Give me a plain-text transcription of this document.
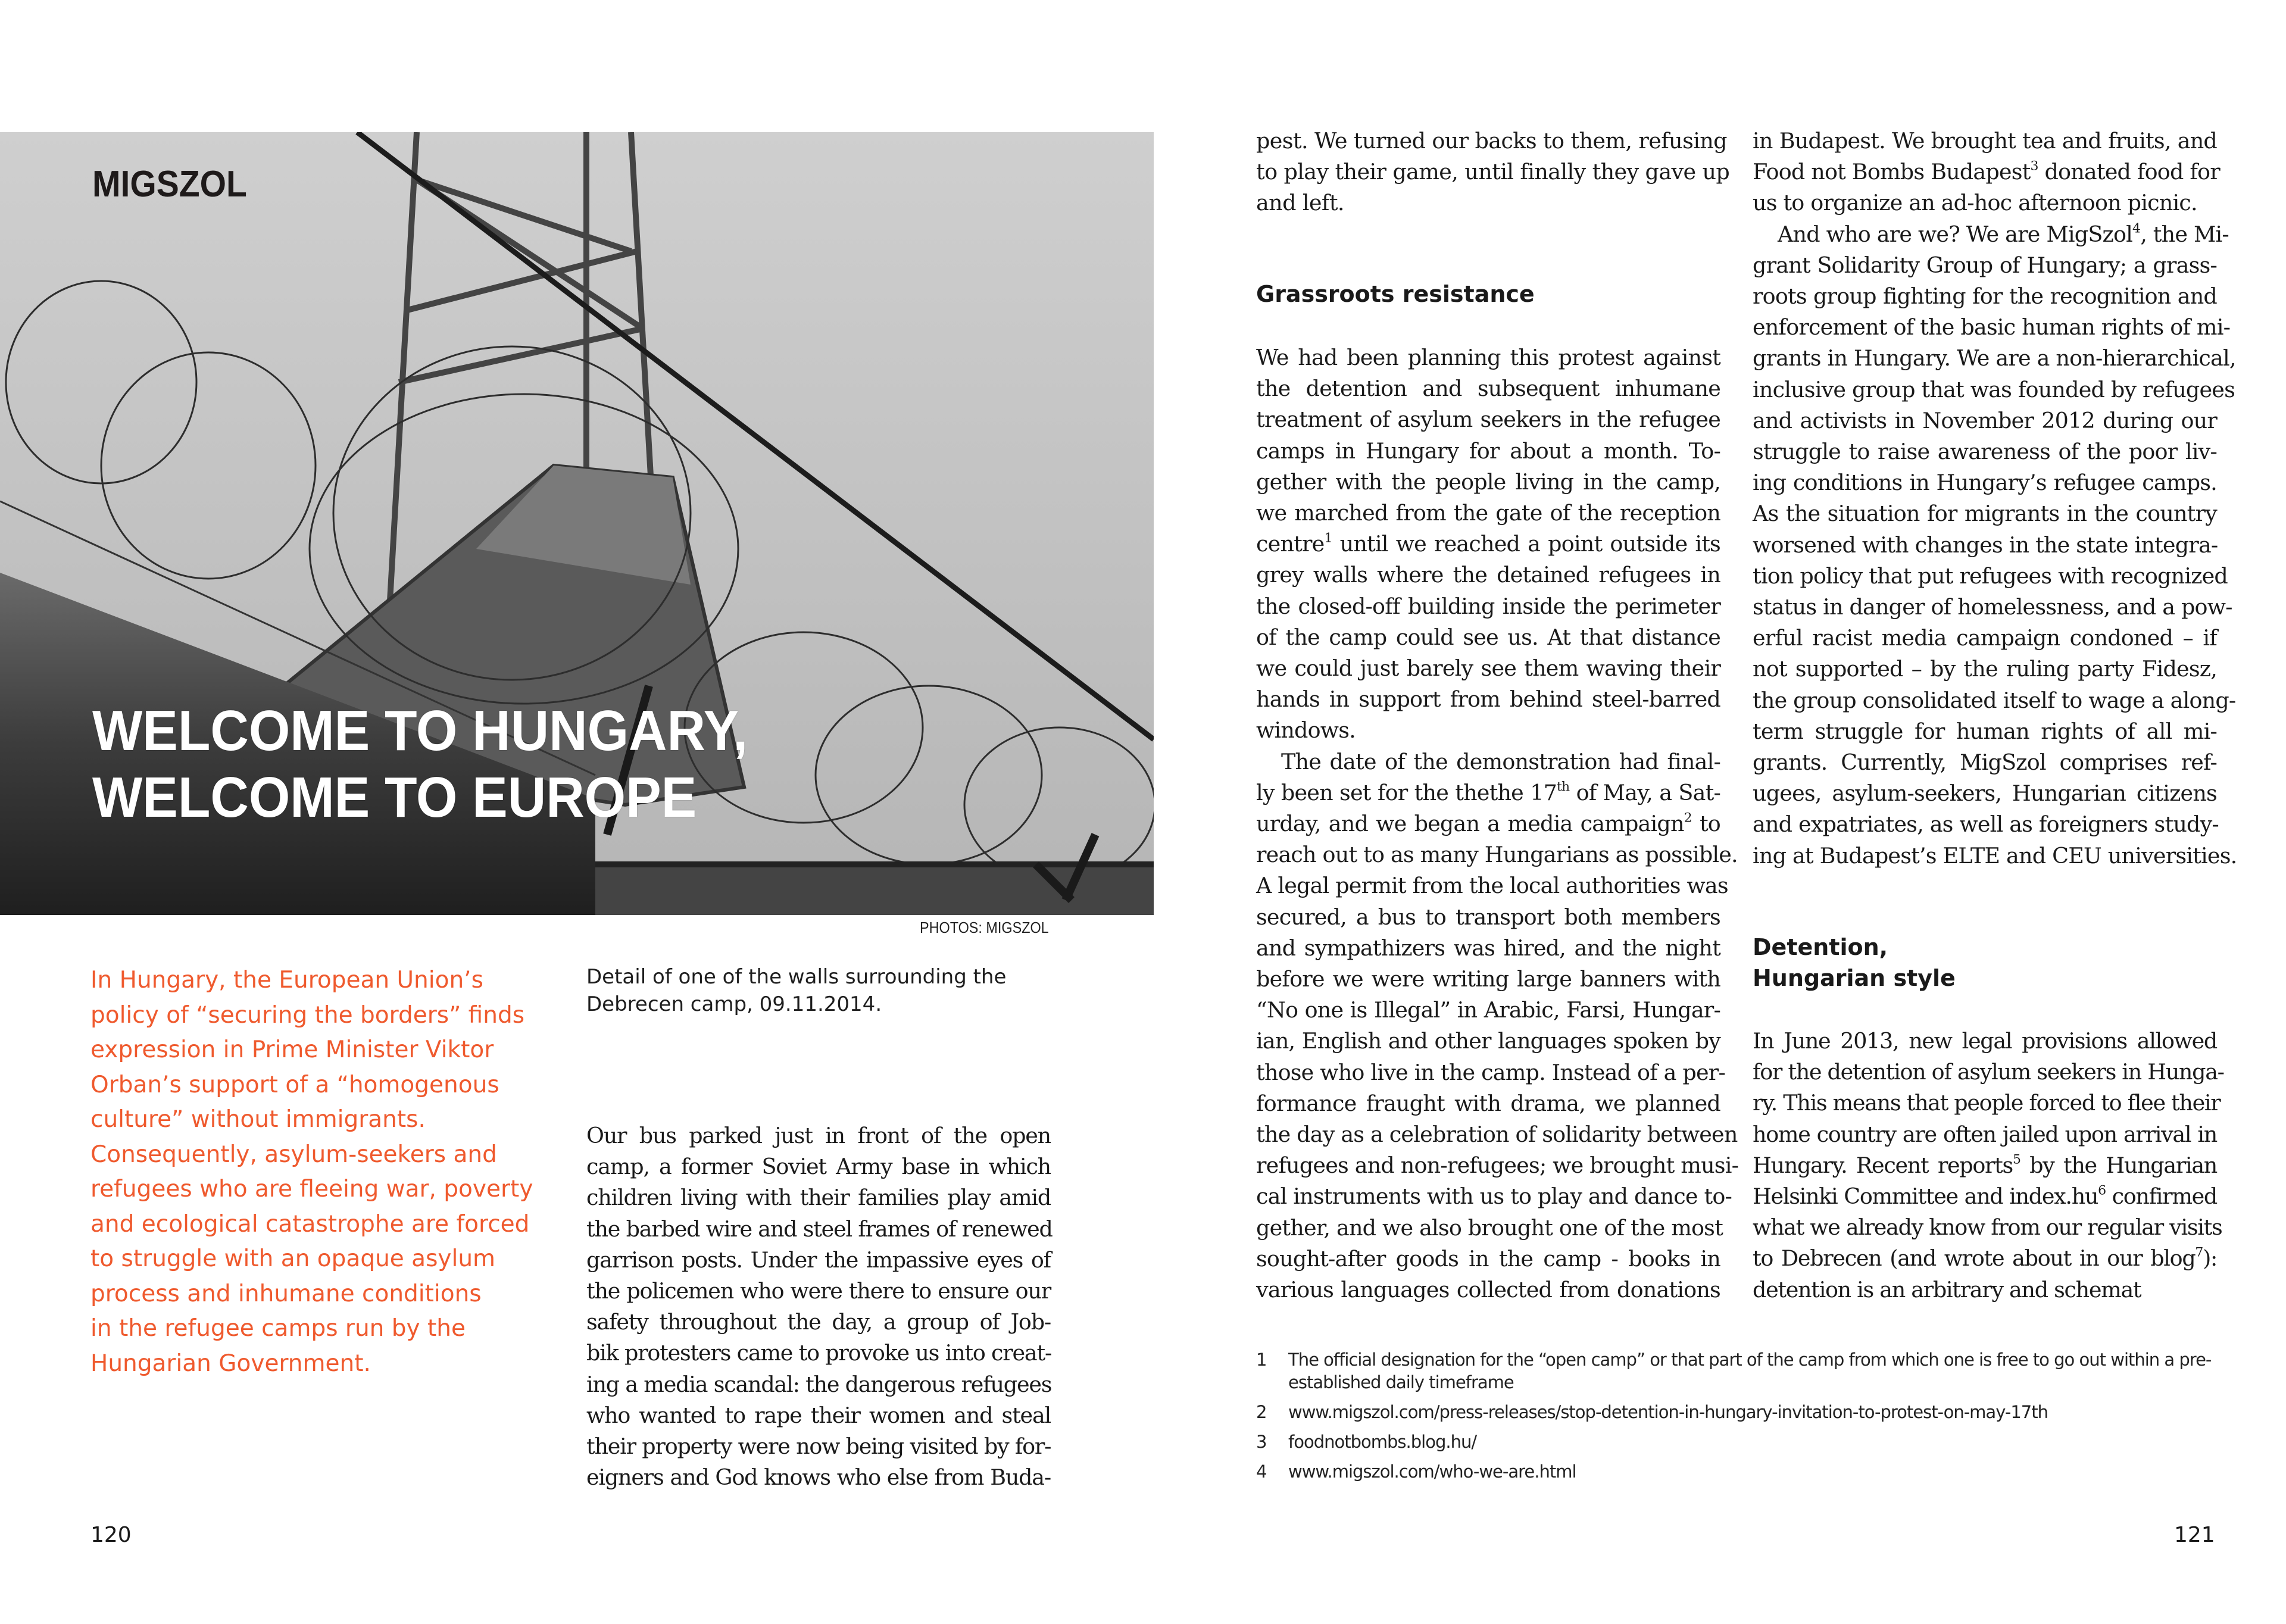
MIGSZOL
WELCOME TO HUNGARY,
WELCOME TO EUROPE
PHOTOS: MIGSZOL
In Hungary, the European Union’s
policy of “securing the borders” finds
expression in Prime Minister Viktor
Orban’s support of a “homogenous
culture” without immigrants.
Consequently, asylum-seekers and
refugees who are fleeing war, poverty
and ecological catastrophe are forced
to struggle with an opaque asylum
process and inhumane conditions
in the refugee camps run by the
Hungarian Government.
Detail of one of the walls surrounding the
Debrecen camp, 09.11.2014.
Our bus parked just in front of the open
camp, a former Soviet Army base in which
children living with their families play amid
the barbed wire and steel frames of renewed
garrison posts. Under the impassive eyes of
the policemen who were there to ensure our
safety throughout the day, a group of Job-
bik protesters came to provoke us into creat-
ing a media scandal: the dangerous refugees
who wanted to rape their women and steal
their property were now being visited by for-
eigners and God knows who else from Buda-
120
pest. We turned our backs to them, refusing
to play their game, until finally they gave up
and left.
Grassroots resistance
We had been planning this protest against
the detention and subsequent inhumane
treatment of asylum seekers in the refugee
camps in Hungary for about a month. To-
gether with the people living in the camp,
we marched from the gate of the reception
centre$^1$ until we reached a point outside its
grey walls where the detained refugees in
the closed-off building inside the perimeter
of the camp could see us. At that distance
we could just barely see them waving their
hands in support from behind steel-barred
windows.
The date of the demonstration had final-
ly been set for the thethe 17th of May, a Sat-
urday, and we began a media campaign$^2$ to
reach out to as many Hungarians as possible.
A legal permit from the local authorities was
secured, a bus to transport both members
and sympathizers was hired, and the night
before we were writing large banners with
“No one is Illegal” in Arabic, Farsi, Hungar-
ian, English and other languages spoken by
those who live in the camp. Instead of a per-
formance fraught with drama, we planned
the day as a celebration of solidarity between
refugees and non-refugees; we brought musi-
cal instruments with us to play and dance to-
gether, and we also brought one of the most
sought-after goods in the camp - books in
various languages collected from donations
in Budapest. We brought tea and fruits, and
Food not Bombs Budapest$^3$ donated food for
us to organize an ad-hoc afternoon picnic.
And who are we? We are MigSzol$^4$, the Mi-
grant Solidarity Group of Hungary; a grass-
roots group fighting for the recognition and
enforcement of the basic human rights of mi-
grants in Hungary. We are a non-hierarchical,
inclusive group that was founded by refugees
and activists in November 2012 during our
struggle to raise awareness of the poor liv-
ing conditions in Hungary’s refugee camps.
As the situation for migrants in the country
worsened with changes in the state integra-
tion policy that put refugees with recognized
status in danger of homelessness, and a pow-
erful racist media campaign condoned – if
not supported – by the ruling party Fidesz,
the group consolidated itself to wage a along-
term struggle for human rights of all mi-
grants. Currently, MigSzol comprises ref-
ugees, asylum-seekers, Hungarian citizens
and expatriates, as well as foreigners study-
ing at Budapest’s ELTE and CEU universities.
Detention,
Hungarian style
In June 2013, new legal provisions allowed
for the detention of asylum seekers in Hunga-
ry. This means that people forced to flee their
home country are often jailed upon arrival in
Hungary. Recent reports$^5$ by the Hungarian
Helsinki Committee and $index.hu^6$ confirmed
what we already know from our regular visits
to Debrecen (and wrote about in our blog$^7$):
detention is an arbitrary and schemat
1	The official designation for the “open camp” or that part of the camp from which one is free to go out within a pre-established daily timeframe
2	www.migszol.com/press-releases/stop-detention-in-hungary-invitation-to-protest-on-may-17th
3	foodnotbombs.blog.hu/
4	www.migszol.com/who-we-are.html
121
